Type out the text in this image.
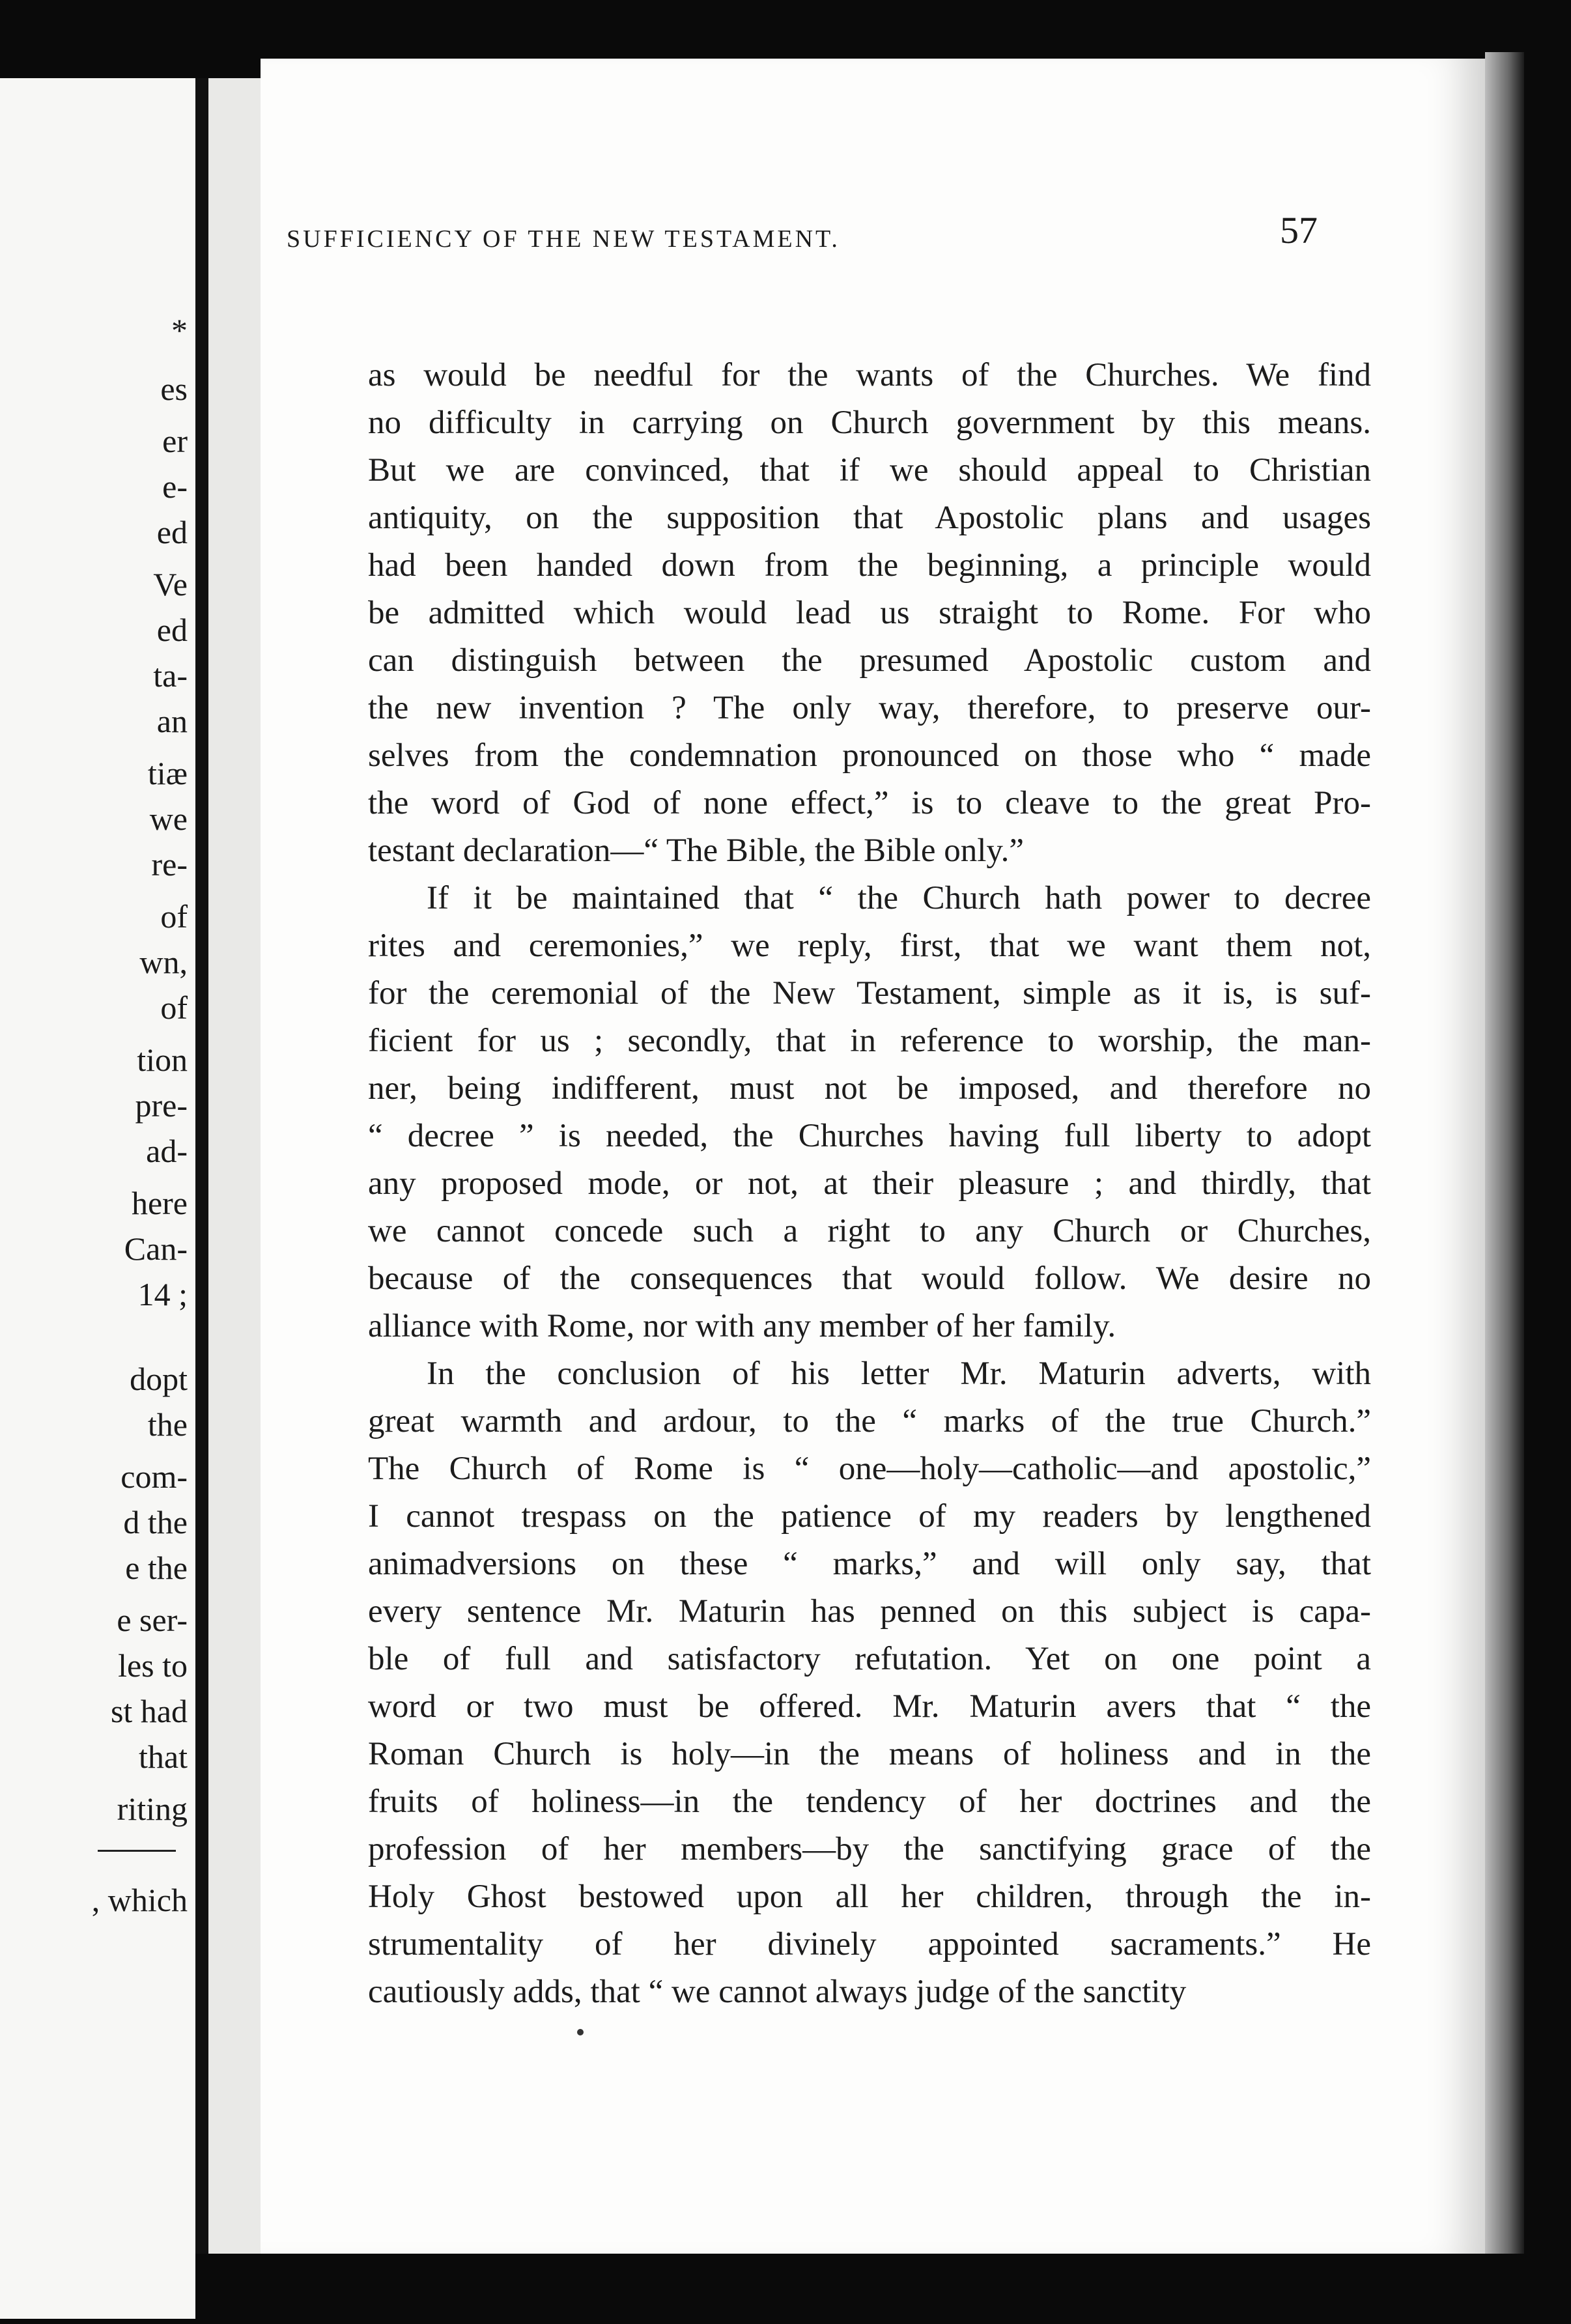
*
es
er
e-
ed
Ve
ed
ta-
an
tiæ
we
re-
of
wn,
of
tion
pre-
ad-
here
Can-
14 ;
dopt
the
com-
d the
e the
e ser-
les to
st had
that
riting
, which
SUFFICIENCY OF THE NEW TESTAMENT.	57
as would be needful for the wants of the Churches. We find
no difficulty in carrying on Church government by this means.
But we are convinced, that if we should appeal to Christian
antiquity, on the supposition that Apostolic plans and usages
had been handed down from the beginning, a principle would
be admitted which would lead us straight to Rome. For who
can distinguish between the presumed Apostolic custom and
the new invention ? The only way, therefore, to preserve our-
selves from the condemnation pronounced on those who “ made
the word of God of none effect,” is to cleave to the great Pro-
testant declaration—“ The Bible, the Bible only.”
If it be maintained that “ the Church hath power to decree
rites and ceremonies,” we reply, first, that we want them not,
for the ceremonial of the New Testament, simple as it is, is suf-
ficient for us ; secondly, that in reference to worship, the man-
ner, being indifferent, must not be imposed, and therefore no
“ decree ” is needed, the Churches having full liberty to adopt
any proposed mode, or not, at their pleasure ; and thirdly, that
we cannot concede such a right to any Church or Churches,
because of the consequences that would follow. We desire no
alliance with Rome, nor with any member of her family.
In the conclusion of his letter Mr. Maturin adverts, with
great warmth and ardour, to the “ marks of the true Church.”
The Church of Rome is “ one—holy—catholic—and apostolic,”
I cannot trespass on the patience of my readers by lengthened
animadversions on these “ marks,” and will only say, that
every sentence Mr. Maturin has penned on this subject is capa-
ble of full and satisfactory refutation. Yet on one point a
word or two must be offered. Mr. Maturin avers that “ the
Roman Church is holy—in the means of holiness and in the
fruits of holiness—in the tendency of her doctrines and the
profession of her members—by the sanctifying grace of the
Holy Ghost bestowed upon all her children, through the in-
strumentality of her divinely appointed sacraments.” He
cautiously adds, that “ we cannot always judge of the sanctity
